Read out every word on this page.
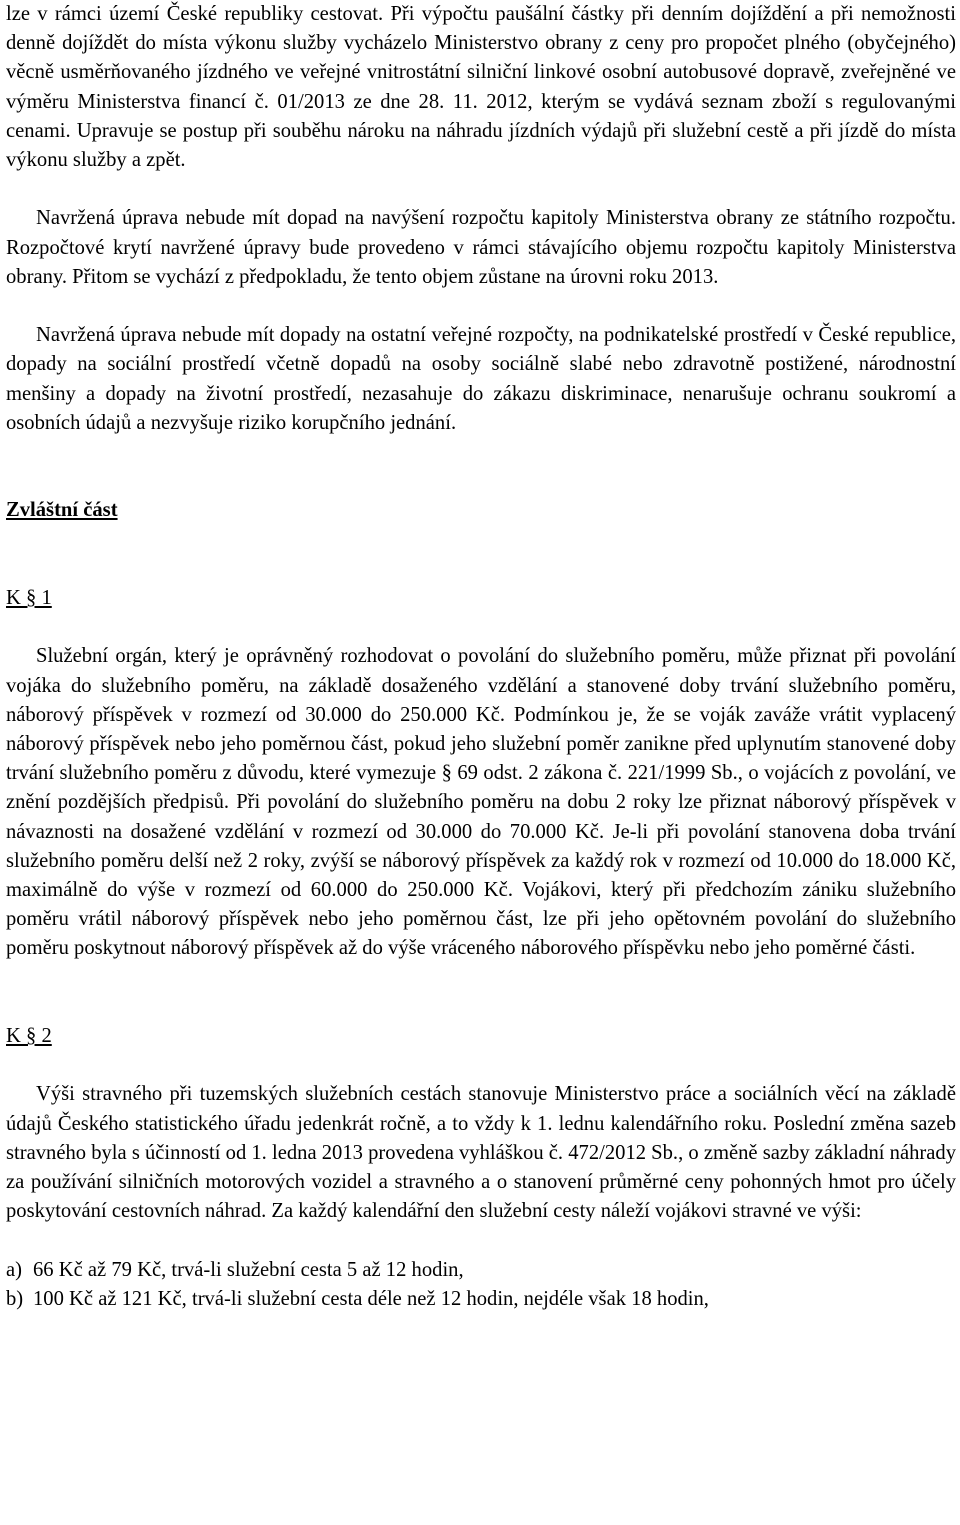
lze v rámci území České republiky cestovat. Při výpočtu paušální částky při denním dojíždění a při nemožnosti denně dojíždět do místa výkonu služby vycházelo Ministerstvo obrany z ceny pro propočet plného (obyčejného) věcně usměrňovaného jízdného ve veřejné vnitrostátní silniční linkové osobní autobusové dopravě, zveřejněné ve výměru Ministerstva financí č. 01/2013 ze dne 28. 11. 2012, kterým se vydává seznam zboží s regulovanými cenami. Upravuje se postup při souběhu nároku na náhradu jízdních výdajů při služební cestě a při jízdě do místa výkonu služby a zpět.

Navržená úprava nebude mít dopad na navýšení rozpočtu kapitoly Ministerstva obrany ze státního rozpočtu. Rozpočtové krytí navržené úpravy bude provedeno v rámci stávajícího objemu rozpočtu kapitoly Ministerstva obrany. Přitom se vychází z předpokladu, že tento objem zůstane na úrovni roku 2013.

Navržená úprava nebude mít dopady na ostatní veřejné rozpočty, na podnikatelské prostředí v České republice, dopady na sociální prostředí včetně dopadů na osoby sociálně slabé nebo zdravotně postižené, národnostní menšiny a dopady na životní prostředí, nezasahuje do zákazu diskriminace, nenarušuje ochranu soukromí a osobních údajů a nezvyšuje riziko korupčního jednání.

Zvláštní část

K § 1

Služební orgán, který je oprávněný rozhodovat o povolání do služebního poměru, může přiznat při povolání vojáka do služebního poměru, na základě dosaženého vzdělání a stanovené doby trvání služebního poměru, náborový příspěvek v rozmezí od 30.000 do 250.000 Kč. Podmínkou je, že se voják zaváže vrátit vyplacený náborový příspěvek nebo jeho poměrnou část, pokud jeho služební poměr zanikne před uplynutím stanovené doby trvání služebního poměru z důvodu, které vymezuje § 69 odst. 2 zákona č. 221/1999 Sb., o vojácích z povolání, ve znění pozdějších předpisů. Při povolání do služebního poměru na dobu 2 roky lze přiznat náborový příspěvek v návaznosti na dosažené vzdělání v rozmezí od 30.000 do 70.000 Kč. Je-li při povolání stanovena doba trvání služebního poměru delší než 2 roky, zvýší se náborový příspěvek za každý rok v rozmezí od 10.000 do 18.000 Kč, maximálně do výše v rozmezí od 60.000 do 250.000 Kč. Vojákovi, který při předchozím zániku služebního poměru vrátil náborový příspěvek nebo jeho poměrnou část, lze při jeho opětovném povolání do služebního poměru poskytnout náborový příspěvek až do výše vráceného náborového příspěvku nebo jeho poměrné části.

K § 2

Výši stravného při tuzemských služebních cestách stanovuje Ministerstvo práce a sociálních věcí na základě údajů Českého statistického úřadu jedenkrát ročně, a to vždy k 1. lednu kalendářního roku. Poslední změna sazeb stravného byla s účinností od 1. ledna 2013 provedena vyhláškou č. 472/2012 Sb., o změně sazby základní náhrady za používání silničních motorových vozidel a stravného a o stanovení průměrné ceny pohonných hmot pro účely poskytování cestovních náhrad. Za každý kalendářní den služební cesty náleží vojákovi stravné ve výši:

a) 66 Kč až 79 Kč, trvá-li služební cesta 5 až 12 hodin,

b) 100 Kč až 121 Kč, trvá-li služební cesta déle než 12 hodin, nejdéle však 18 hodin,
